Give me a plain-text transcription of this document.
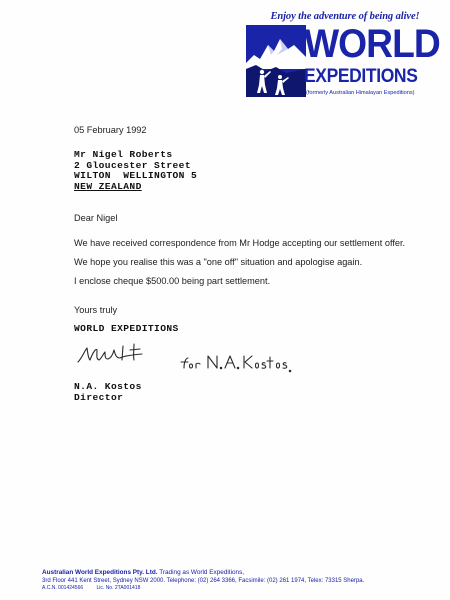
Enjoy the adventure of being alive!
WORLD
EXPEDITIONS
(formerly Australian Himalayan Expeditions)
05 February 1992
Mr Nigel Roberts
2 Gloucester Street
WILTON  WELLINGTON 5
NEW ZEALAND
Dear Nigel
We have received correspondence from Mr Hodge accepting our settlement offer.
We hope you realise this was a "one off" situation and apologise again.
I enclose cheque $500.00 being part settlement.
Yours truly
WORLD EXPEDITIONS
N.A. Kostos
Director
Australian World Expeditions Pty. Ltd. Trading as World Expeditions,
3rd Floor 441 Kent Street, Sydney NSW 2000. Telephone: (02) 264 3366, Facsimile: (02) 261 1974, Telex: 73315 Sherpa.
A.C.N. 001424566	Lic. No. 2TA001418
